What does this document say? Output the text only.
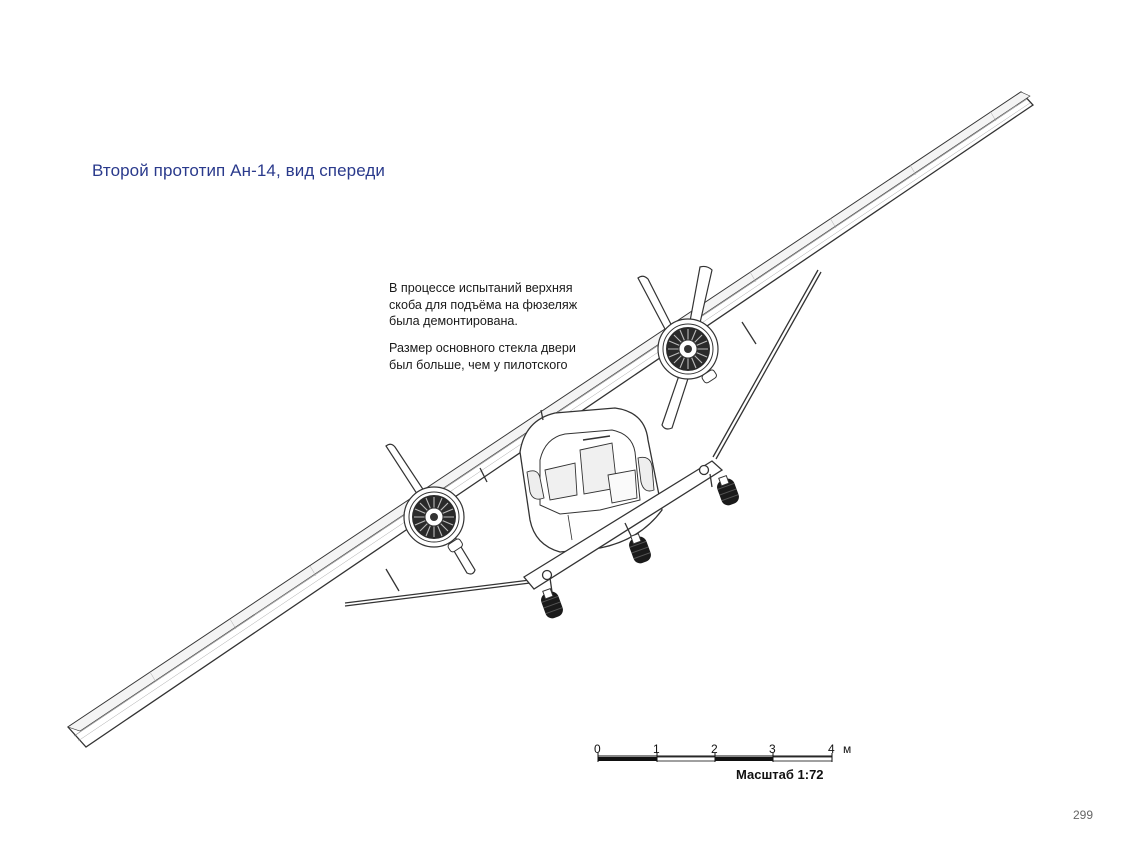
Второй прототип Ан-14, вид спереди
В процессе испытаний верхняя
скоба для подъёма на фюзеляж
была демонтирована.
Размер основного стекла двери
был больше, чем у пилотского
0	1	2	3	4 м
Масштаб 1:72
299
